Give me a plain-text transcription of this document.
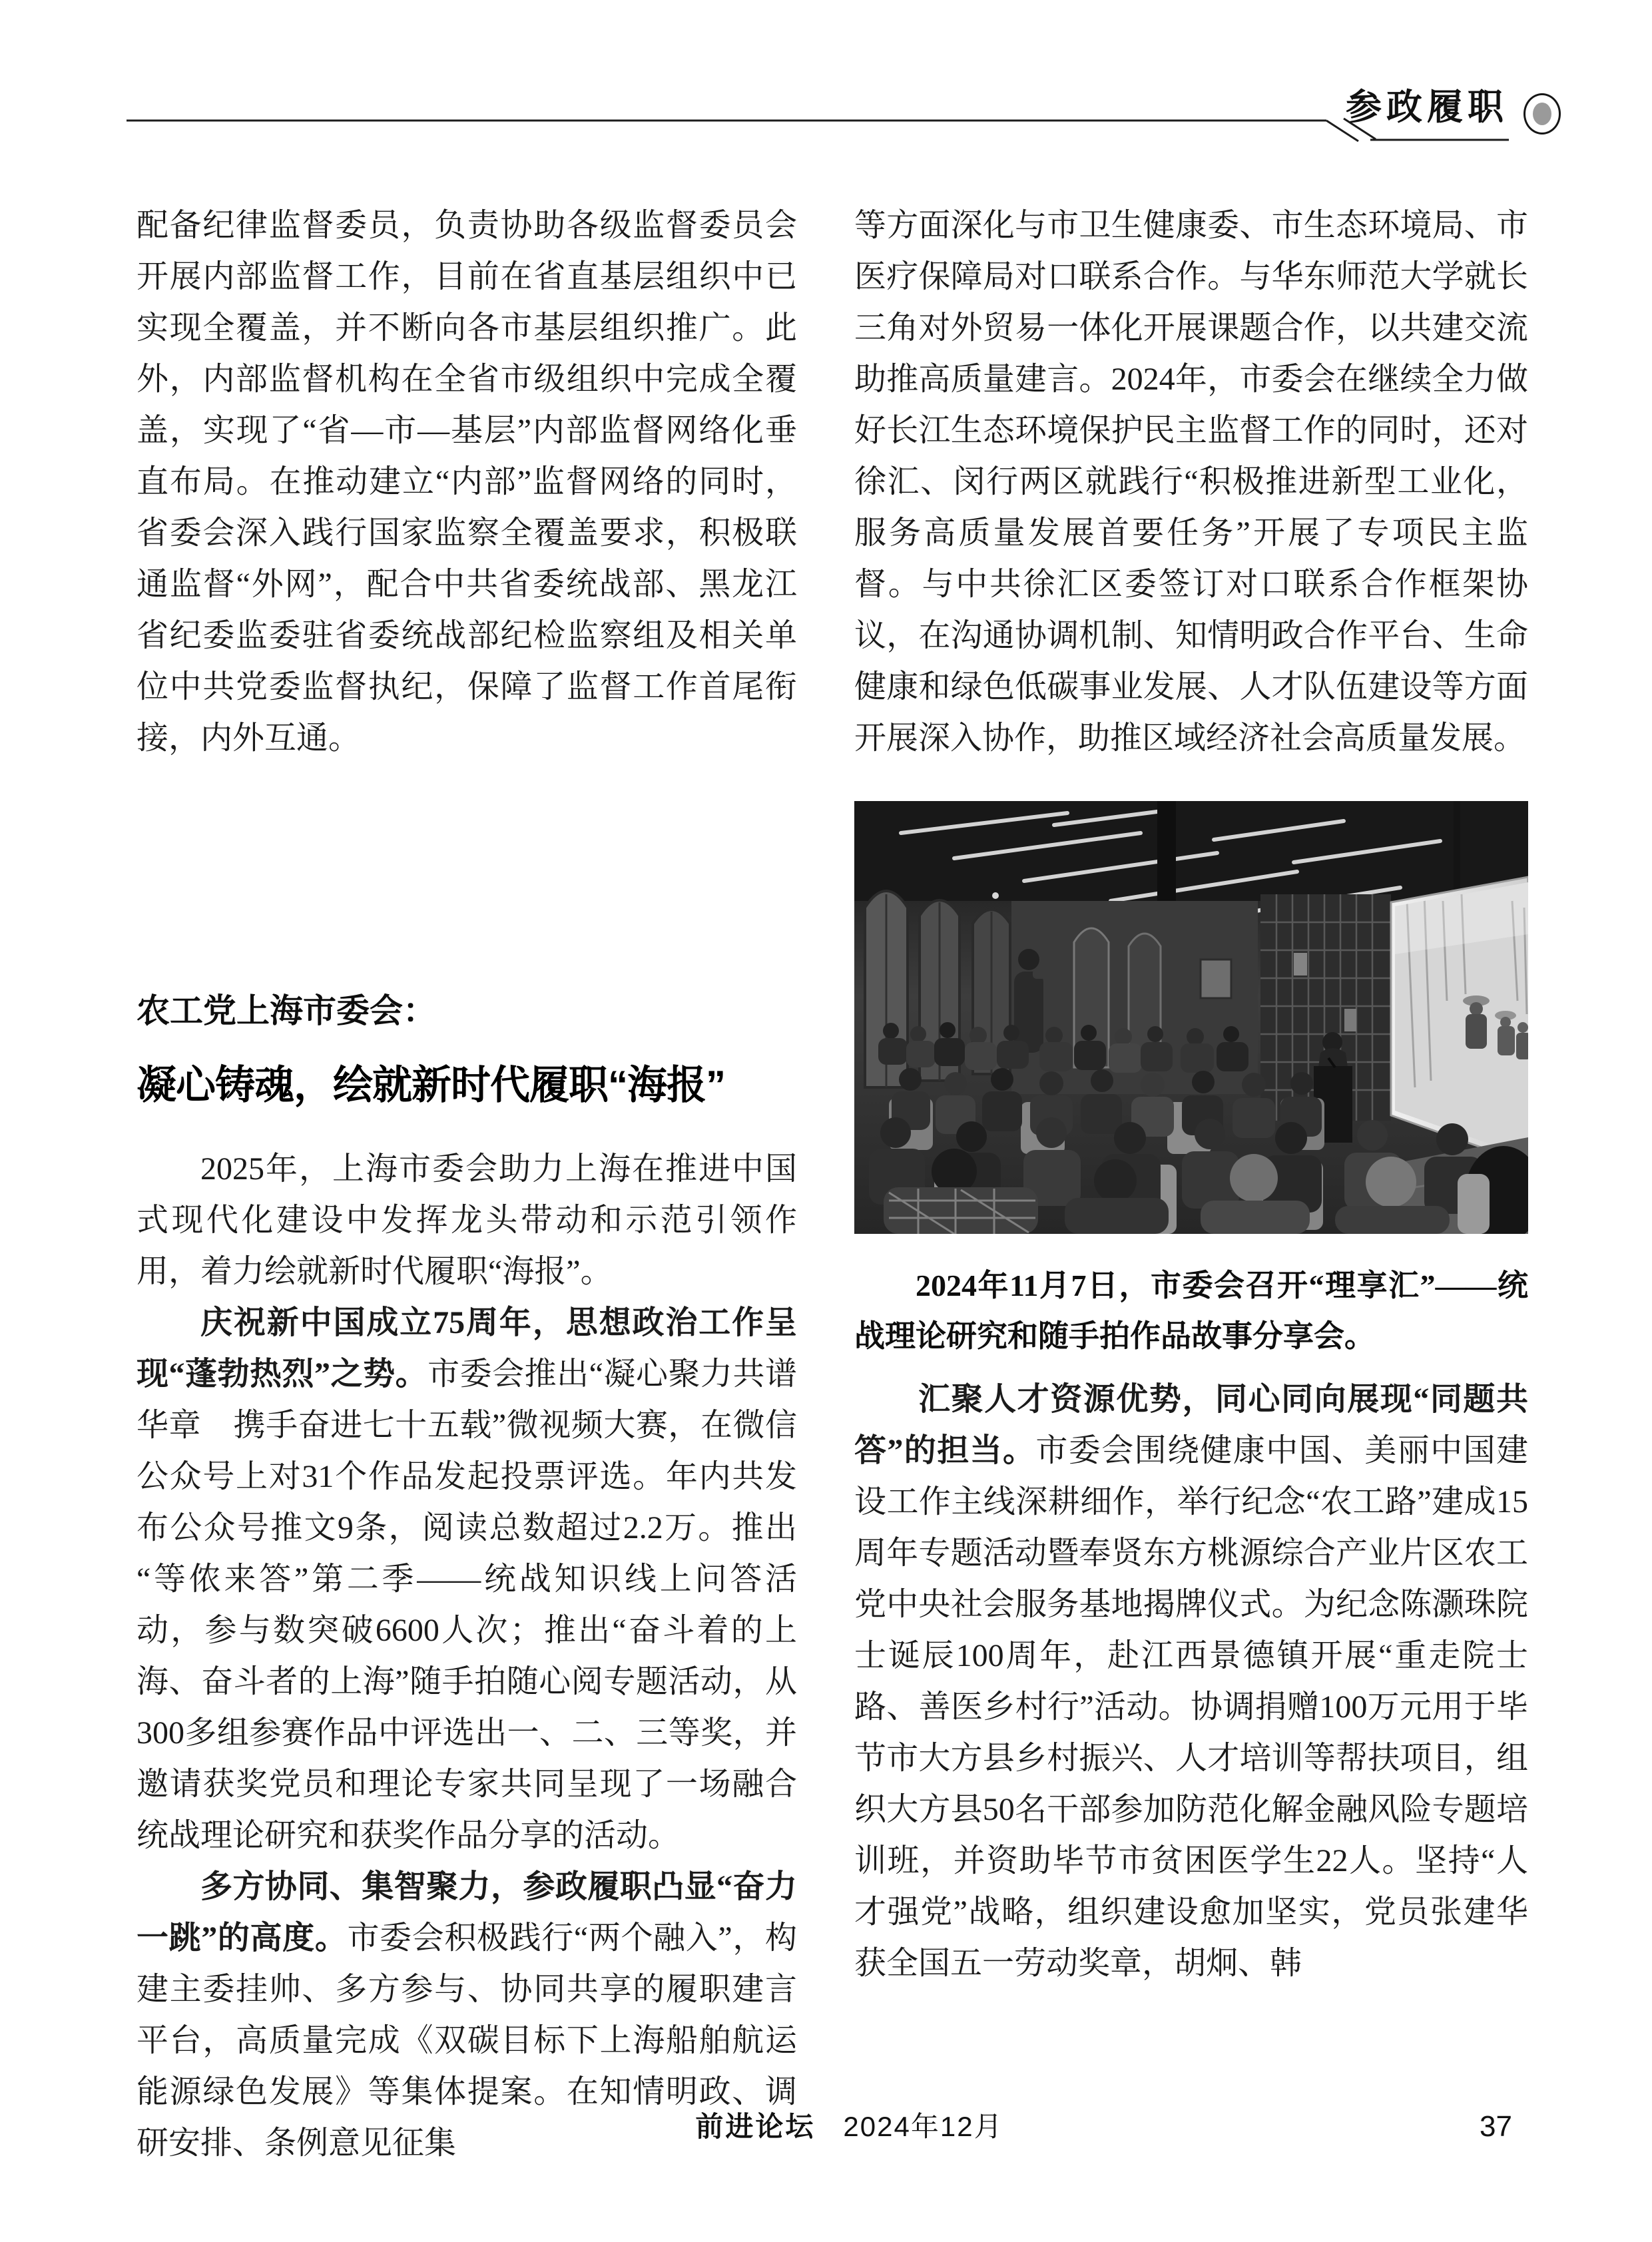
参政履职

配备纪律监督委员，负责协助各级监督委员会开展内部监督工作，目前在省直基层组织中已实现全覆盖，并不断向各市基层组织推广。此外，内部监督机构在全省市级组织中完成全覆盖，实现了“省—市—基层”内部监督网络化垂直布局。在推动建立“内部”监督网络的同时，省委会深入践行国家监察全覆盖要求，积极联通监督“外网”，配合中共省委统战部、黑龙江省纪委监委驻省委统战部纪检监察组及相关单位中共党委监督执纪，保障了监督工作首尾衔接，内外互通。

农工党上海市委会：
凝心铸魂，绘就新时代履职“海报”

2025年，上海市委会助力上海在推进中国式现代化建设中发挥龙头带动和示范引领作用，着力绘就新时代履职“海报”。

庆祝新中国成立75周年，思想政治工作呈现“蓬勃热烈”之势。市委会推出“凝心聚力共谱华章　携手奋进七十五载”微视频大赛，在微信公众号上对31个作品发起投票评选。年内共发布公众号推文9条，阅读总数超过2.2万。推出“等侬来答”第二季——统战知识线上问答活动，参与数突破6600人次；推出“奋斗着的上海、奋斗者的上海”随手拍随心阅专题活动，从300多组参赛作品中评选出一、二、三等奖，并邀请获奖党员和理论专家共同呈现了一场融合统战理论研究和获奖作品分享的活动。

多方协同、集智聚力，参政履职凸显“奋力一跳”的高度。市委会积极践行“两个融入”，构建主委挂帅、多方参与、协同共享的履职建言平台，高质量完成《双碳目标下上海船舶航运能源绿色发展》等集体提案。在知情明政、调研安排、条例意见征集

等方面深化与市卫生健康委、市生态环境局、市医疗保障局对口联系合作。与华东师范大学就长三角对外贸易一体化开展课题合作，以共建交流助推高质量建言。2024年，市委会在继续全力做好长江生态环境保护民主监督工作的同时，还对徐汇、闵行两区就践行“积极推进新型工业化，服务高质量发展首要任务”开展了专项民主监督。与中共徐汇区委签订对口联系合作框架协议，在沟通协调机制、知情明政合作平台、生命健康和绿色低碳事业发展、人才队伍建设等方面开展深入协作，助推区域经济社会高质量发展。

2024年11月7日，市委会召开“理享汇”——统战理论研究和随手拍作品故事分享会。

汇聚人才资源优势，同心同向展现“同题共答”的担当。市委会围绕健康中国、美丽中国建设工作主线深耕细作，举行纪念“农工路”建成15周年专题活动暨奉贤东方桃源综合产业片区农工党中央社会服务基地揭牌仪式。为纪念陈灏珠院士诞辰100周年，赴江西景德镇开展“重走院士路、善医乡村行”活动。协调捐赠100万元用于毕节市大方县乡村振兴、人才培训等帮扶项目，组织大方县50名干部参加防范化解金融风险专题培训班，并资助毕节市贫困医学生22人。坚持“人才强党”战略，组织建设愈加坚实，党员张建华获全国五一劳动奖章，胡炯、韩

前进论坛 2024年12月	37
